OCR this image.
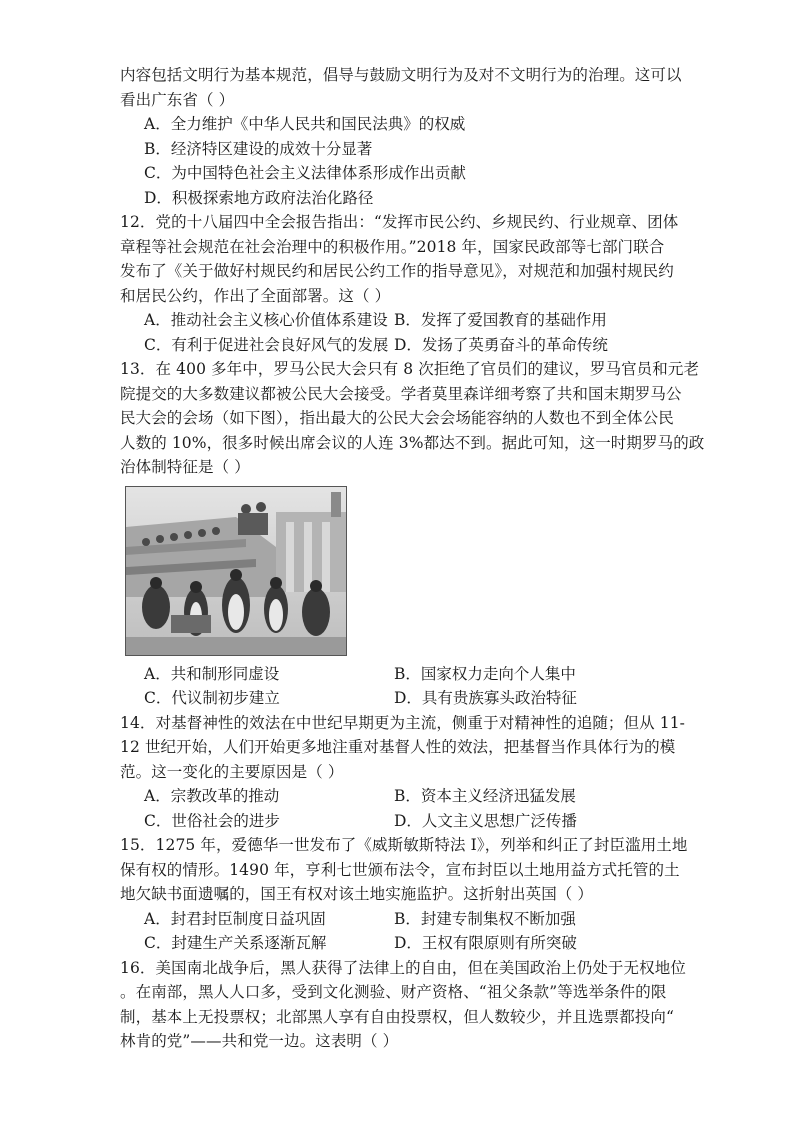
内容包括文明行为基本规范，倡导与鼓励文明行为及对不文明行为的治理。这可以
看出广东省（ ）
A．全力维护《中华人民共和国民法典》的权威
B．经济特区建设的成效十分显著
C．为中国特色社会主义法律体系形成作出贡献
D．积极探索地方政府法治化路径
12．党的十八届四中全会报告指出：“发挥市民公约、乡规民约、行业规章、团体
章程等社会规范在社会治理中的积极作用。”2018 年，国家民政部等七部门联合
发布了《关于做好村规民约和居民公约工作的指导意见》，对规范和加强村规民约
和居民公约，作出了全面部署。这（ ）
A．推动社会主义核心价值体系建设 B．发挥了爱国教育的基础作用
C．有利于促进社会良好风气的发展 D．发扬了英勇奋斗的革命传统
13．在 400 多年中，罗马公民大会只有 8 次拒绝了官员们的建议，罗马官员和元老
院提交的大多数建议都被公民大会接受。学者莫里森详细考察了共和国末期罗马公
民大会的会场（如下图），指出最大的公民大会会场能容纳的人数也不到全体公民
人数的 10%，很多时候出席会议的人连 3%都达不到。据此可知，这一时期罗马的政
治体制特征是（ ）
A．共和制形同虚设	B．国家权力走向个人集中
C．代议制初步建立	D．具有贵族寡头政治特征
14．对基督神性的效法在中世纪早期更为主流，侧重于对精神性的追随；但从 11-
12 世纪开始，人们开始更多地注重对基督人性的效法，把基督当作具体行为的模
范。这一变化的主要原因是（ ）
A．宗教改革的推动	B．资本主义经济迅猛发展
C．世俗社会的进步	D．人文主义思想广泛传播
15．1275 年，爱德华一世发布了《威斯敏斯特法 I》，列举和纠正了封臣滥用土地
保有权的情形。1490 年，亨利七世颁布法令，宣布封臣以土地用益方式托管的土
地欠缺书面遗嘱的，国王有权对该土地实施监护。这折射出英国（ ）
A．封君封臣制度日益巩固	B．封建专制集权不断加强
C．封建生产关系逐渐瓦解	D．王权有限原则有所突破
16．美国南北战争后，黑人获得了法律上的自由，但在美国政治上仍处于无权地位
。在南部，黑人人口多，受到文化测验、财产资格、“祖父条款”等选举条件的限
制，基本上无投票权；北部黑人享有自由投票权，但人数较少，并且选票都投向“
林肯的党”——共和党一边。这表明（ ）
